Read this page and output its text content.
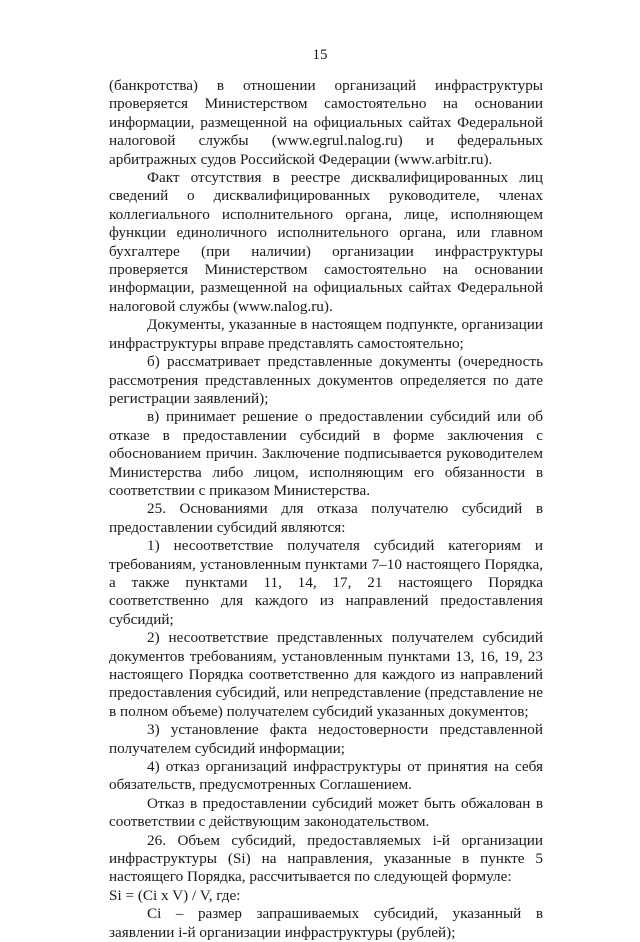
15

(банкротства) в отношении организаций инфраструктуры проверяется Министерством самостоятельно на основании информации, размещенной на официальных сайтах Федеральной налоговой службы (www.egrul.nalog.ru) и федеральных арбитражных судов Российской Федерации (www.arbitr.ru).

Факт отсутствия в реестре дисквалифицированных лиц сведений о дисквалифицированных руководителе, членах коллегиального исполнительного органа, лице, исполняющем функции единоличного исполнительного органа, или главном бухгалтере (при наличии) организации инфраструктуры проверяется Министерством самостоятельно на основании информации, размещенной на официальных сайтах Федеральной налоговой службы (www.nalog.ru).

Документы, указанные в настоящем подпункте, организации инфраструктуры вправе представлять самостоятельно;

б) рассматривает представленные документы (очередность рассмотрения представленных документов определяется по дате регистрации заявлений);

в) принимает решение о предоставлении субсидий или об отказе в предоставлении субсидий в форме заключения с обоснованием причин. Заключение подписывается руководителем Министерства либо лицом, исполняющим его обязанности в соответствии с приказом Министерства.

25. Основаниями для отказа получателю субсидий в предоставлении субсидий являются:

1) несоответствие получателя субсидий категориям и требованиям, установленным пунктами 7–10 настоящего Порядка, а также пунктами 11, 14, 17, 21 настоящего Порядка соответственно для каждого из направлений предоставления субсидий;

2) несоответствие представленных получателем субсидий документов требованиям, установленным пунктами 13, 16, 19, 23 настоящего Порядка соответственно для каждого из направлений предоставления субсидий, или непредставление (представление не в полном объеме) получателем субсидий указанных документов;

3) установление факта недостоверности представленной получателем субсидий информации;

4) отказ организаций инфраструктуры от принятия на себя обязательств, предусмотренных Соглашением.

Отказ в предоставлении субсидий может быть обжалован в соответствии с действующим законодательством.

26. Объем субсидий, предоставляемых i-й организации инфраструктуры (Si) на направления, указанные в пункте 5 настоящего Порядка, рассчитывается по следующей формуле:

Si = (Ci x V) / V, где:

Ci – размер запрашиваемых субсидий, указанный в заявлении i-й организации инфраструктуры (рублей);
